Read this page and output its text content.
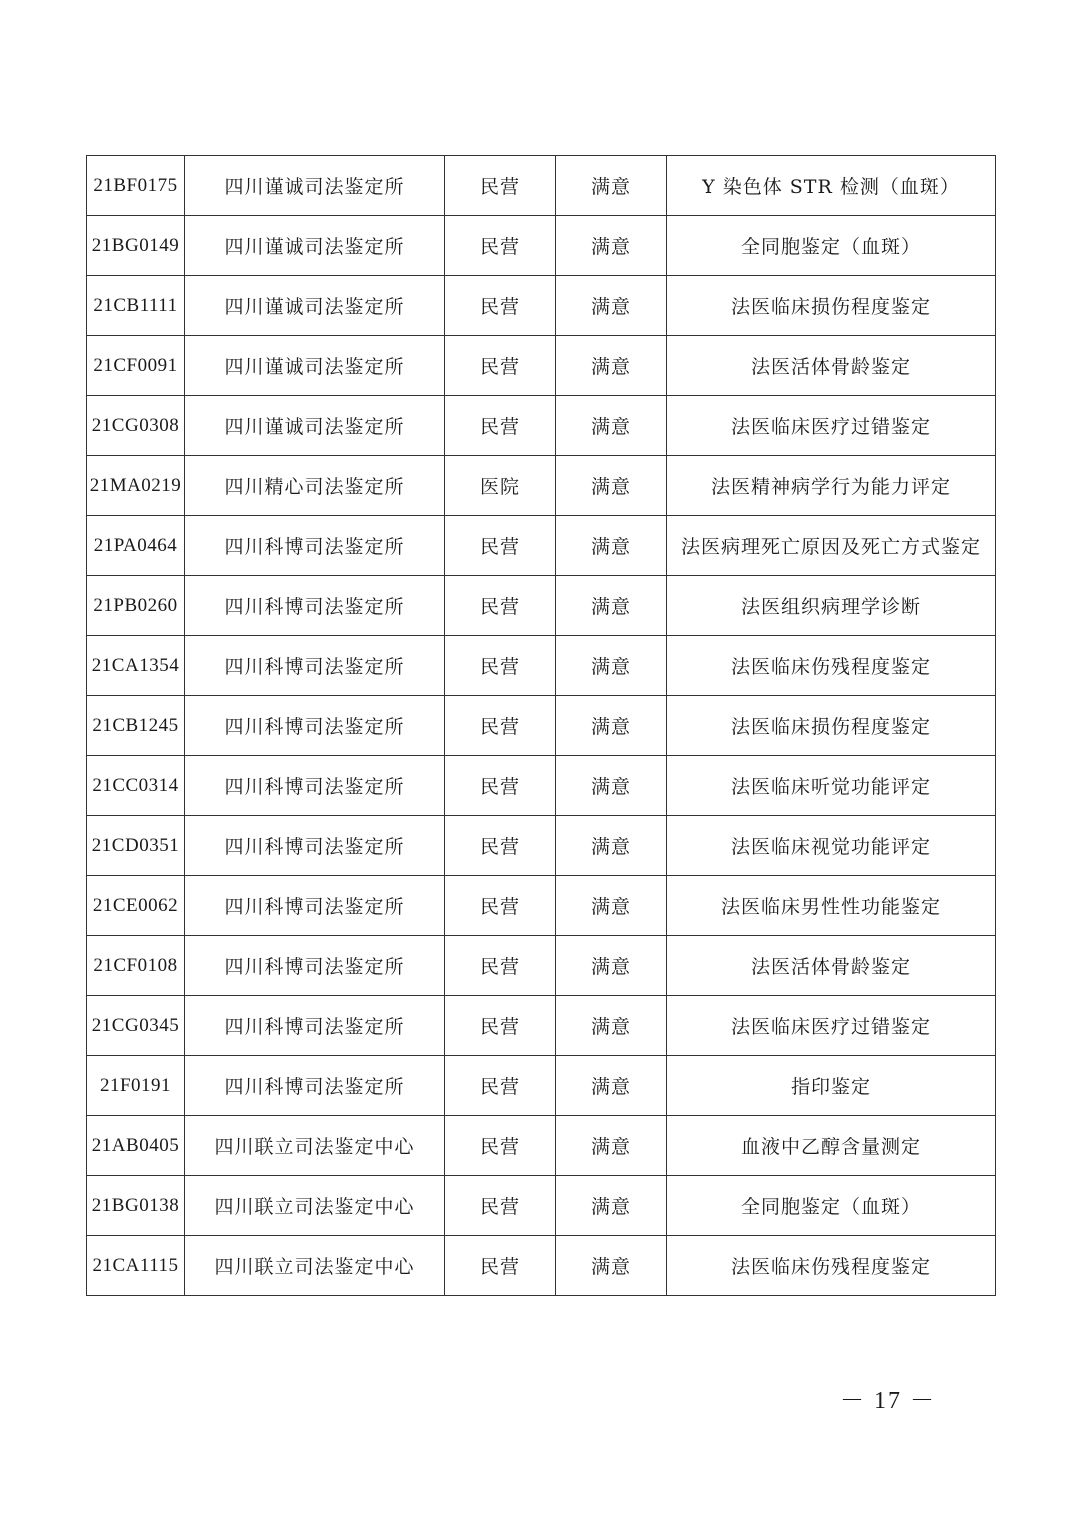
21BF0175	四川谨诚司法鉴定所	民营	满意	Y 染色体 STR 检测（血斑）
21BG0149	四川谨诚司法鉴定所	民营	满意	全同胞鉴定（血斑）
21CB1111	四川谨诚司法鉴定所	民营	满意	法医临床损伤程度鉴定
21CF0091	四川谨诚司法鉴定所	民营	满意	法医活体骨龄鉴定
21CG0308	四川谨诚司法鉴定所	民营	满意	法医临床医疗过错鉴定
21MA0219	四川精心司法鉴定所	医院	满意	法医精神病学行为能力评定
21PA0464	四川科博司法鉴定所	民营	满意	法医病理死亡原因及死亡方式鉴定
21PB0260	四川科博司法鉴定所	民营	满意	法医组织病理学诊断
21CA1354	四川科博司法鉴定所	民营	满意	法医临床伤残程度鉴定
21CB1245	四川科博司法鉴定所	民营	满意	法医临床损伤程度鉴定
21CC0314	四川科博司法鉴定所	民营	满意	法医临床听觉功能评定
21CD0351	四川科博司法鉴定所	民营	满意	法医临床视觉功能评定
21CE0062	四川科博司法鉴定所	民营	满意	法医临床男性性功能鉴定
21CF0108	四川科博司法鉴定所	民营	满意	法医活体骨龄鉴定
21CG0345	四川科博司法鉴定所	民营	满意	法医临床医疗过错鉴定
21F0191	四川科博司法鉴定所	民营	满意	指印鉴定
21AB0405	四川联立司法鉴定中心	民营	满意	血液中乙醇含量测定
21BG0138	四川联立司法鉴定中心	民营	满意	全同胞鉴定（血斑）
21CA1115	四川联立司法鉴定中心	民营	满意	法医临床伤残程度鉴定
－ 17 －
